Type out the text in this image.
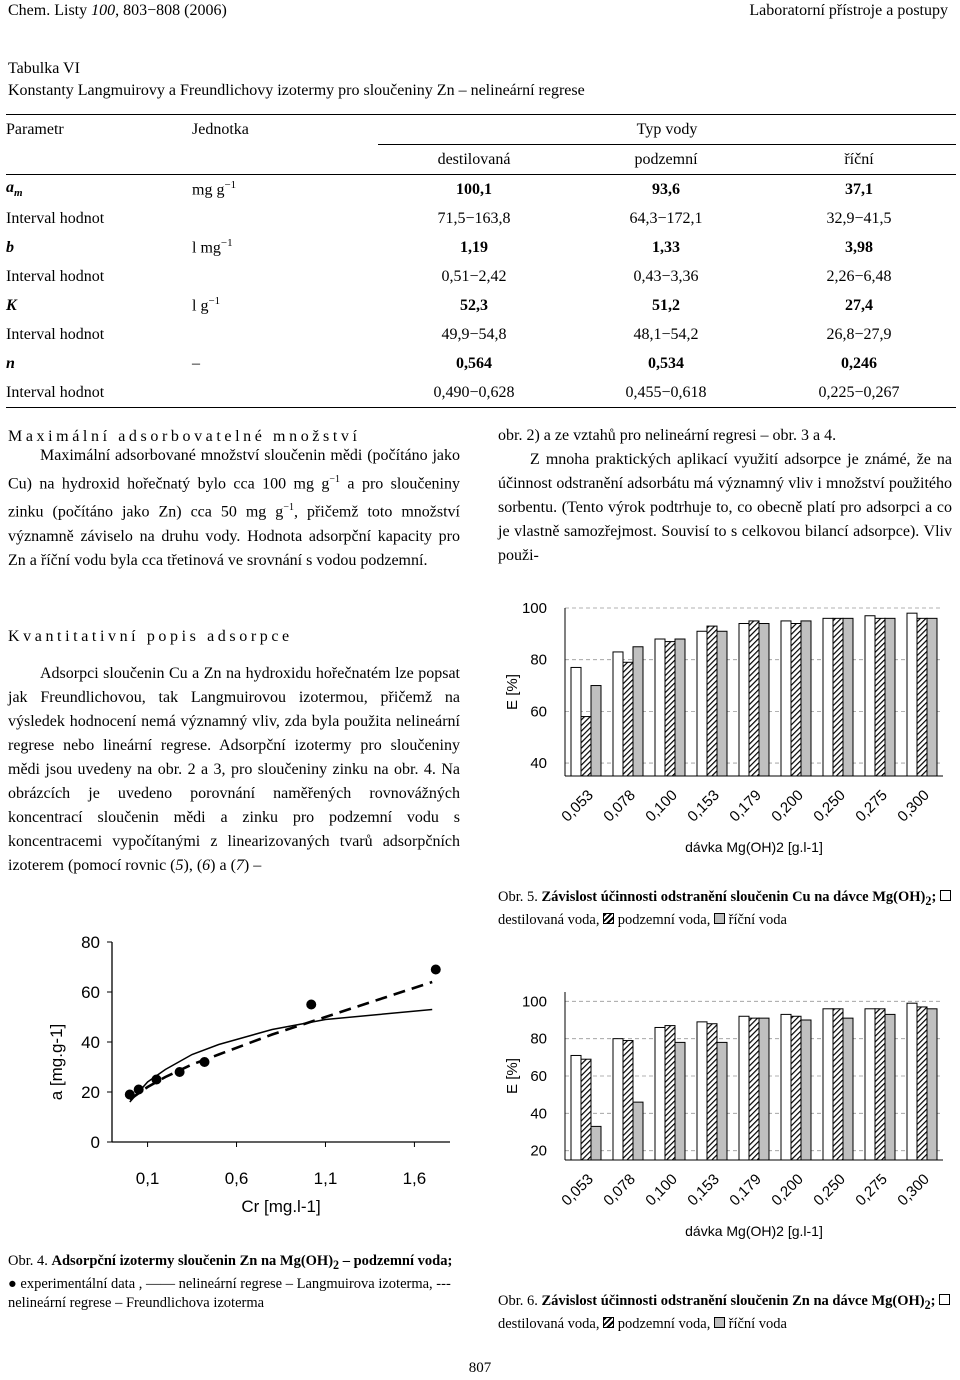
Chem. Listy 100, 803−808 (2006)	Laboratorní přístroje a postupy
Tabulka VI
Konstanty Langmuirovy a Freundlichovy izotermy pro sloučeniny Zn – nelineární regrese
Parametr	Jednotka	Typ vody		
		destilovaná	podzemní	říční
$a_m$	mg $g^{-1}$	100,1	93,6	37,1
Interval hodnot		71,5−163,8	64,3−172,1	32,9−41,5
b	l $mg^{-1}$	1,19	1,33	3,98
Interval hodnot		0,51−2,42	0,43−3,36	2,26−6,48
K	l $g^{-1}$	52,3	51,2	27,4
Interval hodnot		49,9−54,8	48,1−54,2	26,8−27,9
n	–	0,564	0,534	0,246
Interval hodnot		0,490−0,628	0,455−0,618	0,225−0,267
Maximální adsorbovatelné množství

Maximální adsorbované množství sloučenin mědi (počítáno jako Cu) na hydroxid hořečnatý bylo cca 100 mg $g^{-1}$ a pro sloučeniny zinku (počítáno jako Zn) cca 50 mg $g^{-1}$, přičemž toto množství významně záviselo na druhu vody. Hodnota adsorpční kapacity pro Zn a říční vodu byla cca třetinová ve srovnání s vodou podzemní.

Kvantitativní popis adsorpce

Adsorpci sloučenin Cu a Zn na hydroxidu hořečnatém lze popsat jak Freundlichovou, tak Langmuirovou izotermou, přičemž na výsledek hodnocení nemá významný vliv, zda byla použita nelineární regrese nebo lineární regrese. Adsorpční izotermy pro sloučeniny mědi jsou uvedeny na obr. 2 a 3, pro sloučeniny zinku na obr. 4. Na obrázcích je uvedeno porovnání naměřených rovnovážných koncentrací sloučenin mědi a zinku pro podzemní vodu s koncentracemi vypočítanými z linearizovaných tvarů adsorpčních izoterem (pomocí rovnic (5), (6) a (7) –

obr. 2) a ze vztahů pro nelineární regresi – obr. 3 a 4.

Z mnoha praktických aplikací využití adsorpce je známé, že na účinnost odstranění adsorbátu má významný vliv i množství použitého sorbentu. (Tento výrok podtrhuje to, co obecně platí pro adsorpci a co je vlastně samozřejmost. Souvisí to s celkovou bilancí adsorpce). Vliv použi-

0
20
40
60
80
0,1	0,6	1,1	1,6
Cr [mg.l-1]
a [mg.g-1]
Obr. 4. Adsorpční izotermy sloučenin Zn na $Mg(OH)_2$ – podzemní voda; ● experimentální data , —— nelineární regrese – Langmuirova izoterma, --- nelineární regrese – Freundlichova izoterma
40
60
80
100
0,053 0,078 0,100 0,153 0,179 0,200 0,250 0,275 0,300
dávka Mg(OH)2 [g.l-1]
E [%]
Obr. 5. Závislost účinnosti odstranění sloučenin Cu na dávce $Mg(OH)_2$;  destilovaná voda, podzemní voda, říční voda
20
40
60
80
100
0,053 0,078 0,100 0,153 0,179 0,200 0,250 0,275 0,300
dávka Mg(OH)2 [g.l-1]
E [%]
Obr. 6. Závislost účinnosti odstranění sloučenin Zn na dávce $Mg(OH)_2$;  destilovaná voda, podzemní voda, říční voda
807
